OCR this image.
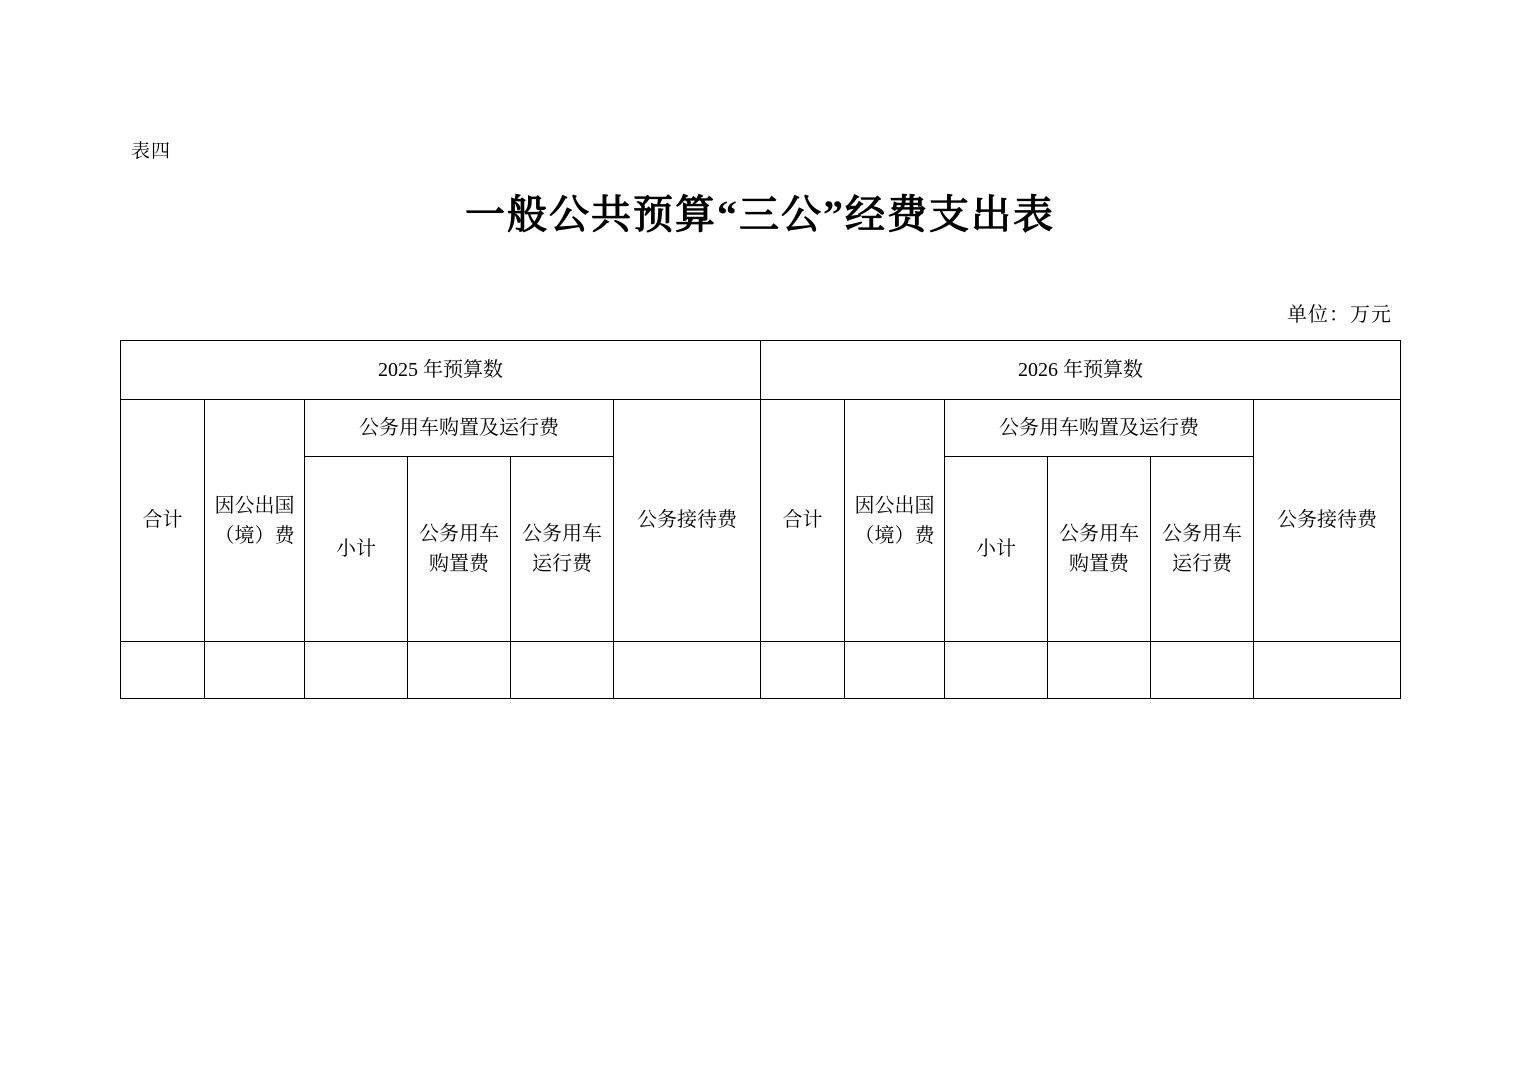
表四
一般公共预算“三公”经费支出表
单位：万元
2025 年预算数						2026 年预算数					
合计	因公出国（境）费	公务用车购置及运行费			公务接待费	合计	因公出国（境）费	公务用车购置及运行费			公务接待费
		小计	公务用车购置费	公务用车运行费				小计	公务用车购置费	公务用车运行费	
